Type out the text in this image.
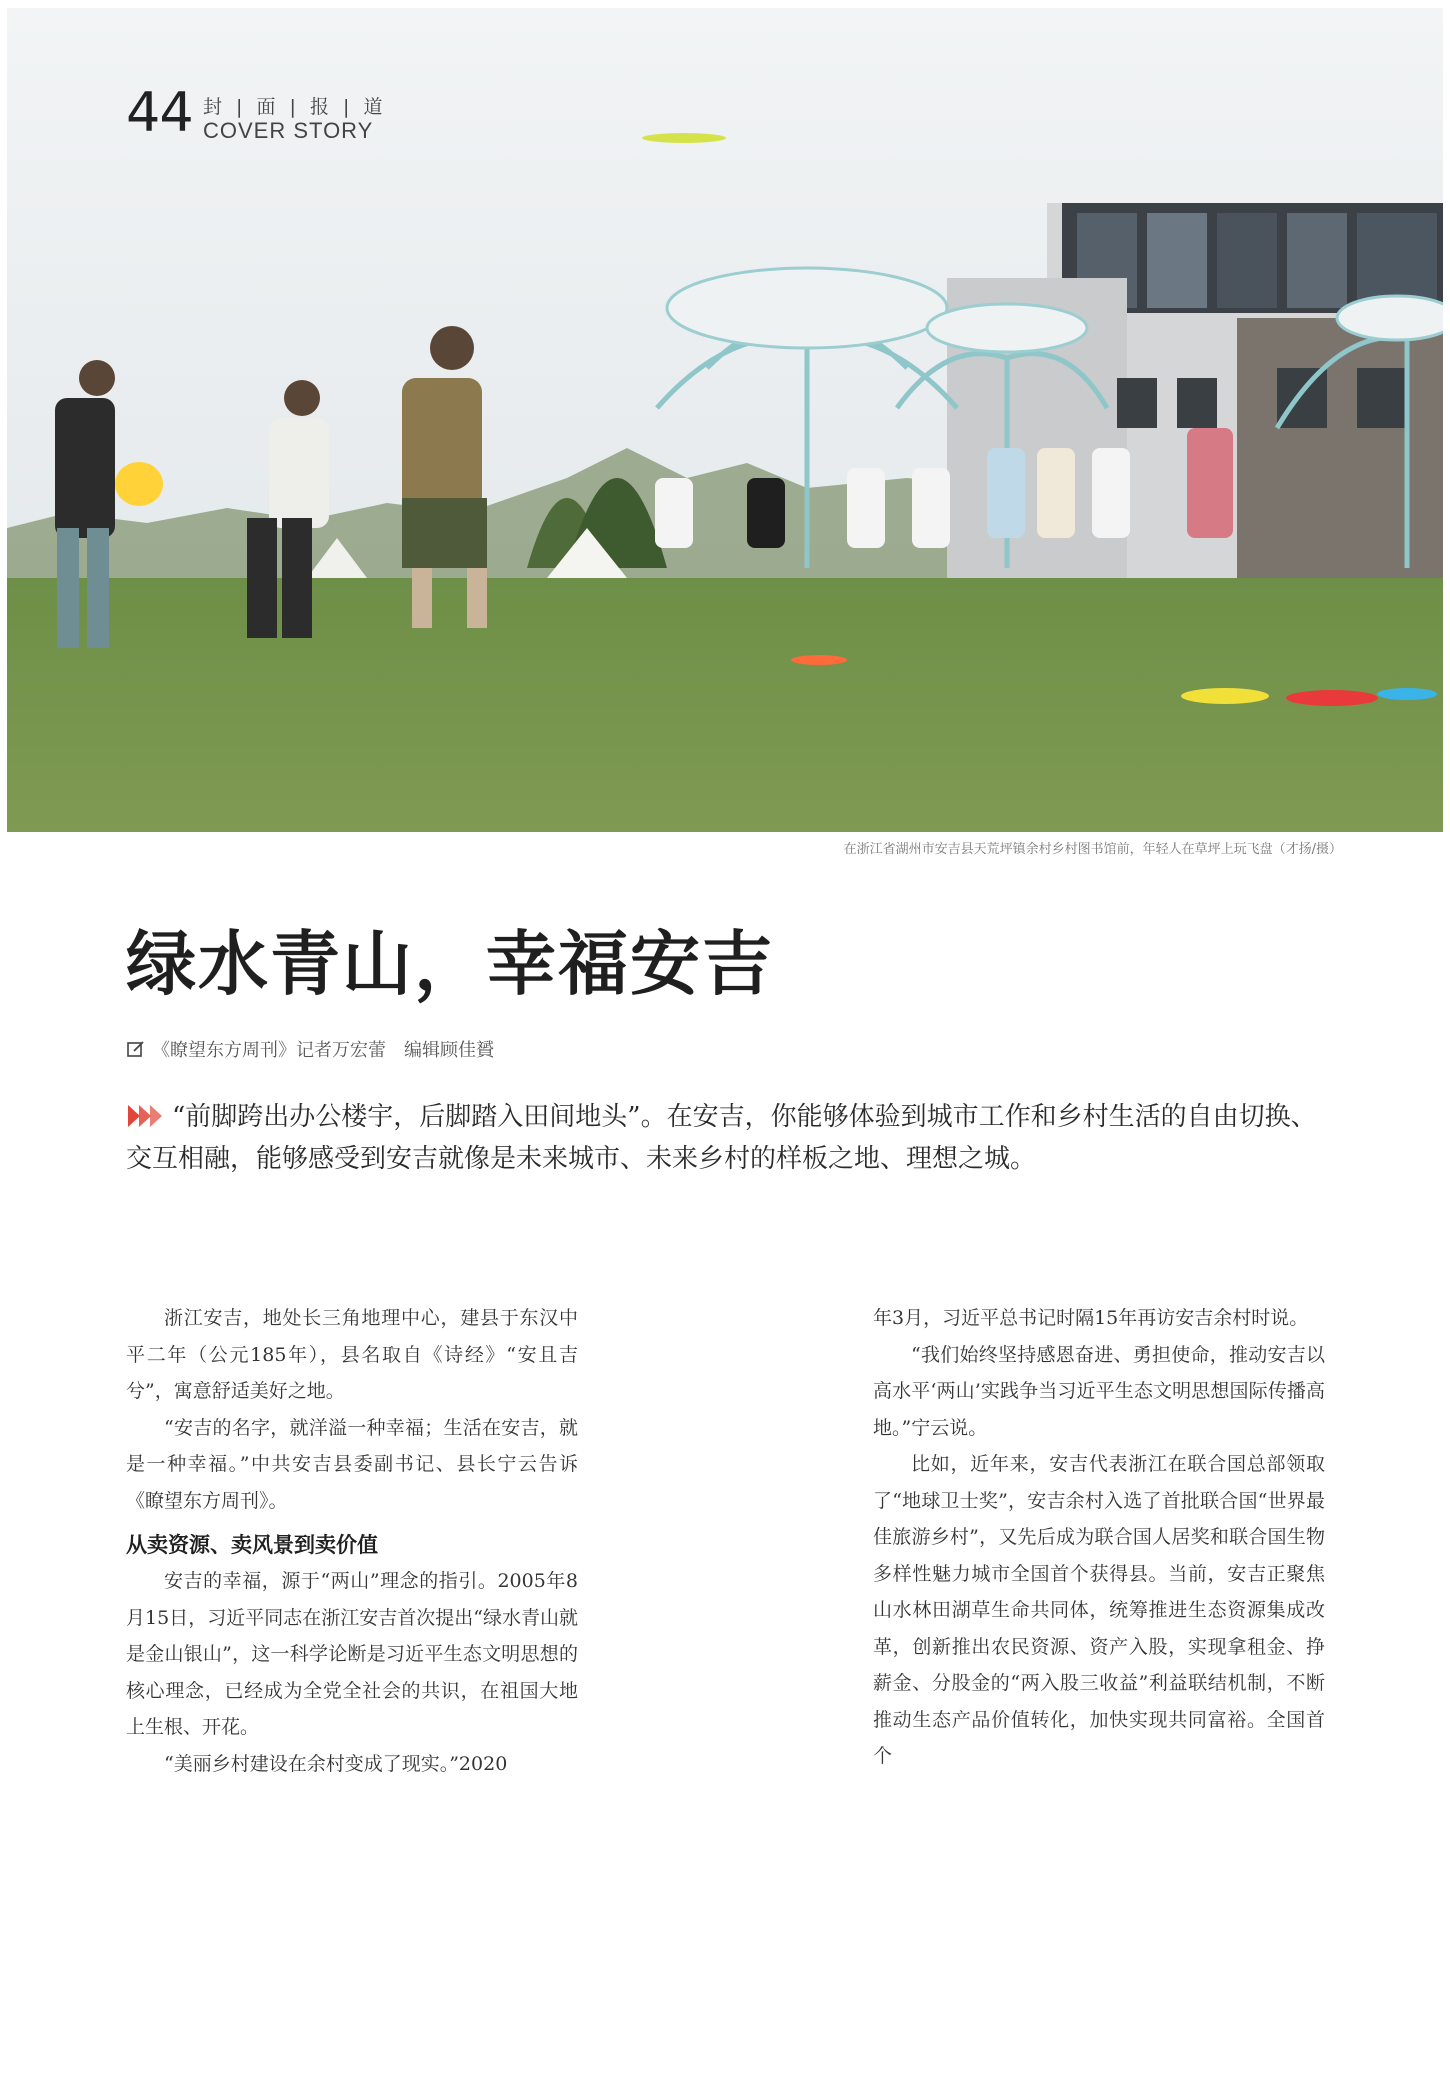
44 封 | 面 | 报 | 道
COVER STORY
在浙江省湖州市安吉县天荒坪镇余村乡村图书馆前，年轻人在草坪上玩飞盘（才扬/摄）
绿水青山，幸福安吉
《瞭望东方周刊》记者万宏蕾　编辑顾佳贇
“前脚跨出办公楼宇，后脚踏入田间地头”。在安吉，你能够体验到城市工作和乡村生活的自由切换、交互相融，能够感受到安吉就像是未来城市、未来乡村的样板之地、理想之城。

浙江安吉，地处长三角地理中心，建县于东汉中平二年（公元185年），县名取自《诗经》“安且吉兮”，寓意舒适美好之地。

“安吉的名字，就洋溢一种幸福；生活在安吉，就是一种幸福。”中共安吉县委副书记、县长宁云告诉《瞭望东方周刊》。

从卖资源、卖风景到卖价值

安吉的幸福，源于“两山”理念的指引。2005年8月15日，习近平同志在浙江安吉首次提出“绿水青山就是金山银山”，这一科学论断是习近平生态文明思想的核心理念，已经成为全党全社会的共识，在祖国大地上生根、开花。

“美丽乡村建设在余村变成了现实。”2020

年3月，习近平总书记时隔15年再访安吉余村时说。

“我们始终坚持感恩奋进、勇担使命，推动安吉以高水平‘两山’实践争当习近平生态文明思想国际传播高地。”宁云说。

比如，近年来，安吉代表浙江在联合国总部领取了“地球卫士奖”，安吉余村入选了首批联合国“世界最佳旅游乡村”，又先后成为联合国人居奖和联合国生物多样性魅力城市全国首个获得县。当前，安吉正聚焦山水林田湖草生命共同体，统筹推进生态资源集成改革，创新推出农民资源、资产入股，实现拿租金、挣薪金、分股金的“两入股三收益”利益联结机制，不断推动生态产品价值转化，加快实现共同富裕。全国首个
